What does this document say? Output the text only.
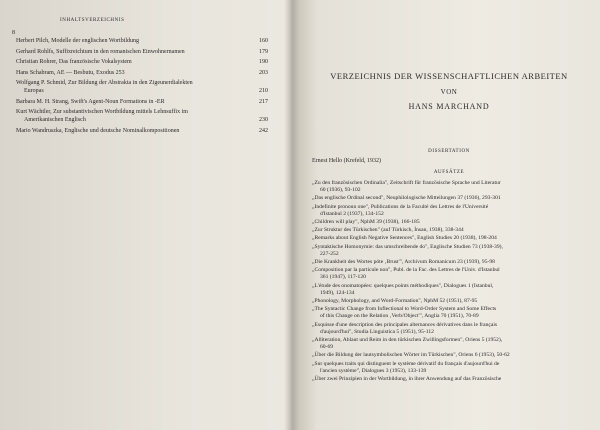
8
INHALTSVERZEICHNIS
Herbert Pilch, Modelle der englischen Wortbildung	160
Gerhard Rohlfs, Suffixreichtum in den romanischen Einwohnernamen	179
Christian Rohrer, Das französische Vokalsystem	190
Hans Schabram, AE — Besbutu, Exodus 253	203
Wolfgang P. Schmid, Zur Bildung der Abstrakta in den Zigeunerdialekten
Europas	210
Barbara M. H. Strang, Swift's Agent-Noun Formations in -ER	217
Kurt Wächtler, Zur substantivischen Wortbildung mittels Lehnsuffix im
Amerikanischen Englisch	230
Mario Wandruszka, Englische und deutsche Nominalkompositionen	242
VERZEICHNIS DER WISSENSCHAFTLICHEN ARBEITEN
VON
HANS MARCHAND
DISSERTATION
Ernest Hello (Krefeld, 1932)
AUFSÄTZE
„Zu den französischen Ordinalia", Zeitschrift für französische Sprache und Literatur
60 (1936), 93-102
„Das englische Ordinal second", Neuphilologische Mitteilungen 37 (1936), 293-301
„Indefinite pronoun one", Publications de la Faculté des Lettres de l'Université
d'Istanbul 2 (1937), 134-152
„Children will play", NphM 39 (1938), 166-185
„Zur Struktur des Türkischen" (auf Türkisch, İnsan, 1938), 338-344
„Remarks about English Negative Sentences", English Studies 20 (1938), 198-204
„Syntaktische Homonymie: das umschreibende do", Englische Studien 73 (1938-39),
227-252
„Die Krankheit des Wortes póte ‚Brust'", Archivum Romanicum 23 (1939), 95-98
„Composition par la particule non", Publ. de la Fac. des Lettres de l'Univ. d'Istanbul
361 (1947), 117-120
„L'étude des onomatopées: quelques points méthodiques", Dialogues 1 (Istanbul,
1949), 124-134
„Phonology, Morphology, and Word-Formation", NphM 52 (1951), 87-95
„The Syntactic Change from Inflectional to Word-Order System and Some Effects
of this Change on the Relation ‚Verb/Object'", Anglia 70 (1951), 70-89
„Esquisse d'une description des principales alternances dérivatives dans le français
d'aujourd'hui", Studia Linguistica 5 (1951), 95-112
„Alliteration, Ablaut und Reim in den türkischen Zwillingsformen", Oriens 5 (1952),
60-69
„Über die Bildung der lautsymbolischen Wörter im Türkischen", Oriens 6 (1953), 50-62
„Sur quelques traits qui distinguent le système dérivatif du français d'aujourd'hui de
l'ancien système", Dialogues 3 (1953), 133-139
„Über zwei Prinzipien in der Wortbildung, in ihrer Anwendung auf das Französische
